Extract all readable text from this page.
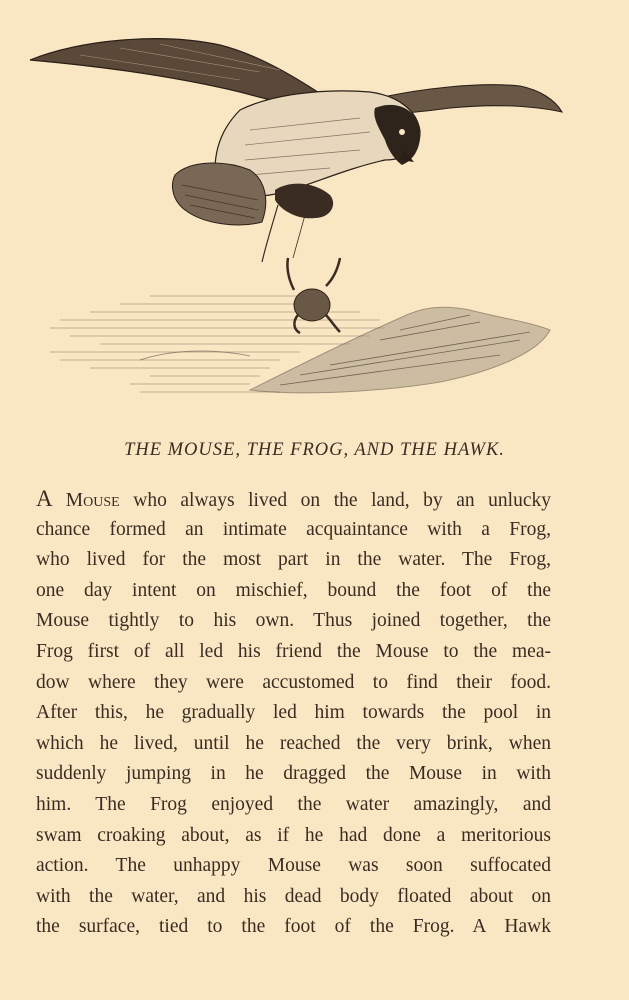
THE MOUSE, THE FROG, AND THE HAWK.
A Mouse who always lived on the land, by an unlucky
chance formed an intimate acquaintance with a Frog,
who lived for the most part in the water. The Frog,
one day intent on mischief, bound the foot of the
Mouse tightly to his own. Thus joined together, the
Frog first of all led his friend the Mouse to the mea-
dow where they were accustomed to find their food.
After this, he gradually led him towards the pool in
which he lived, until he reached the very brink, when
suddenly jumping in he dragged the Mouse in with
him. The Frog enjoyed the water amazingly, and
swam croaking about, as if he had done a meritorious
action. The unhappy Mouse was soon suffocated
with the water, and his dead body floated about on
the surface, tied to the foot of the Frog. A Hawk
